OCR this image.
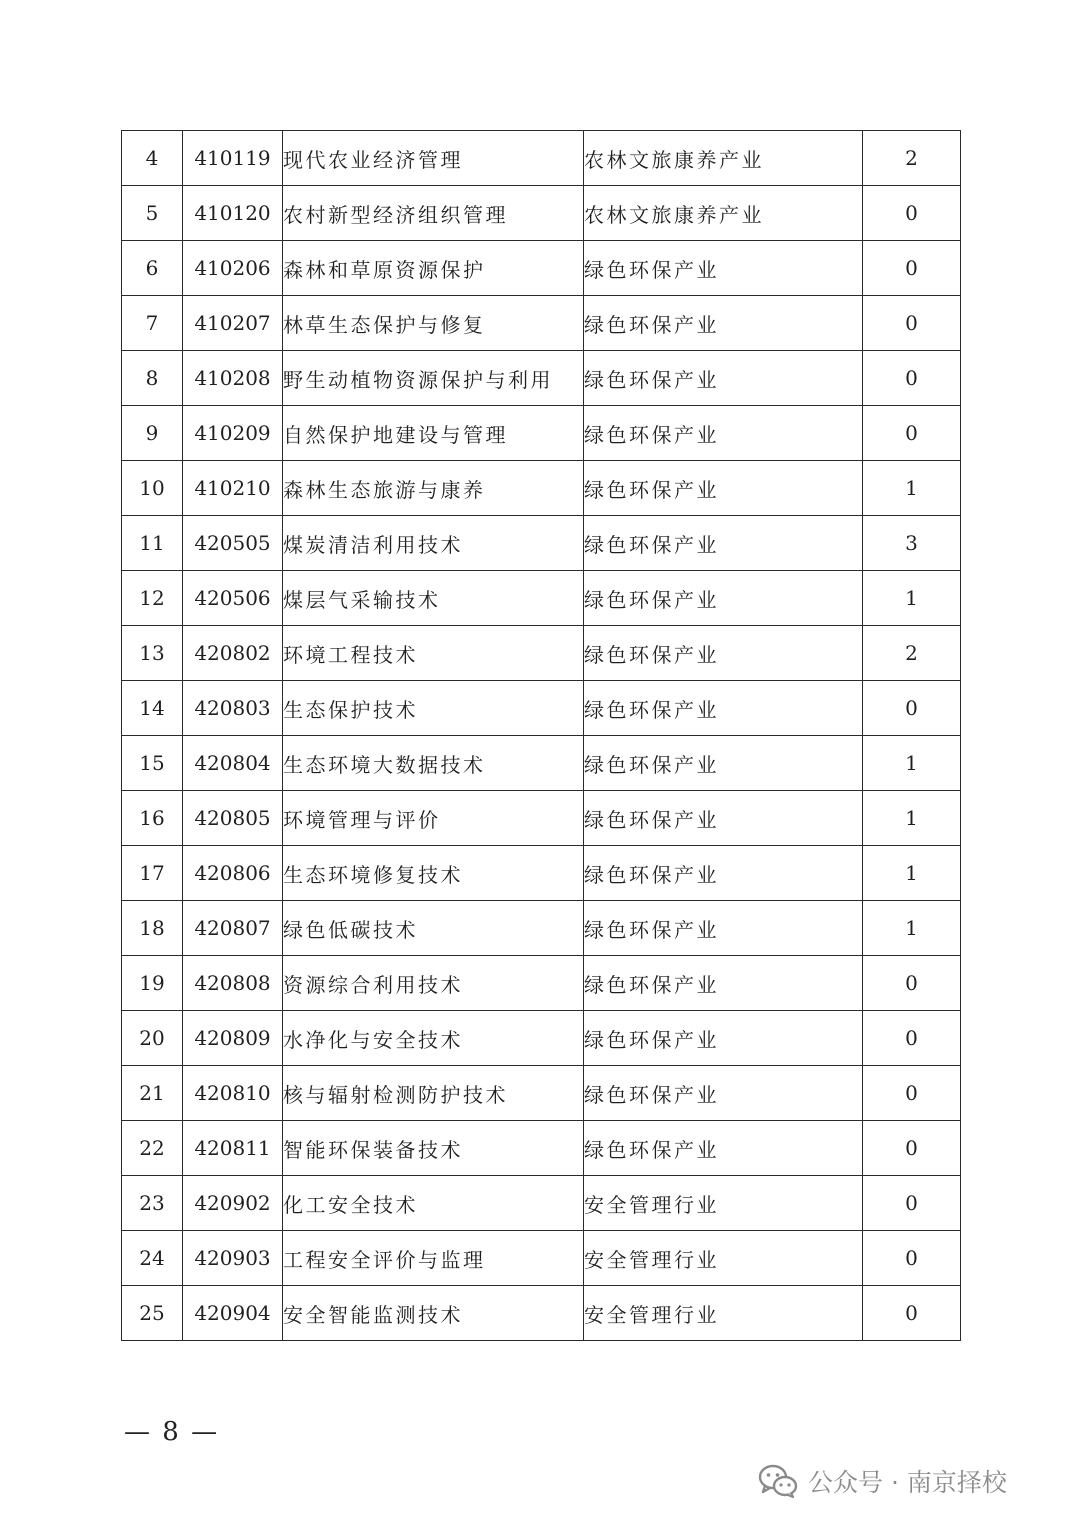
4	410119	现代农业经济管理	农林文旅康养产业	2
5	410120	农村新型经济组织管理	农林文旅康养产业	0
6	410206	森林和草原资源保护	绿色环保产业	0
7	410207	林草生态保护与修复	绿色环保产业	0
8	410208	野生动植物资源保护与利用	绿色环保产业	0
9	410209	自然保护地建设与管理	绿色环保产业	0
10	410210	森林生态旅游与康养	绿色环保产业	1
11	420505	煤炭清洁利用技术	绿色环保产业	3
12	420506	煤层气采输技术	绿色环保产业	1
13	420802	环境工程技术	绿色环保产业	2
14	420803	生态保护技术	绿色环保产业	0
15	420804	生态环境大数据技术	绿色环保产业	1
16	420805	环境管理与评价	绿色环保产业	1
17	420806	生态环境修复技术	绿色环保产业	1
18	420807	绿色低碳技术	绿色环保产业	1
19	420808	资源综合利用技术	绿色环保产业	0
20	420809	水净化与安全技术	绿色环保产业	0
21	420810	核与辐射检测防护技术	绿色环保产业	0
22	420811	智能环保装备技术	绿色环保产业	0
23	420902	化工安全技术	安全管理行业	0
24	420903	工程安全评价与监理	安全管理行业	0
25	420904	安全智能监测技术	安全管理行业	0
— 8 —
公众号 · 南京择校
